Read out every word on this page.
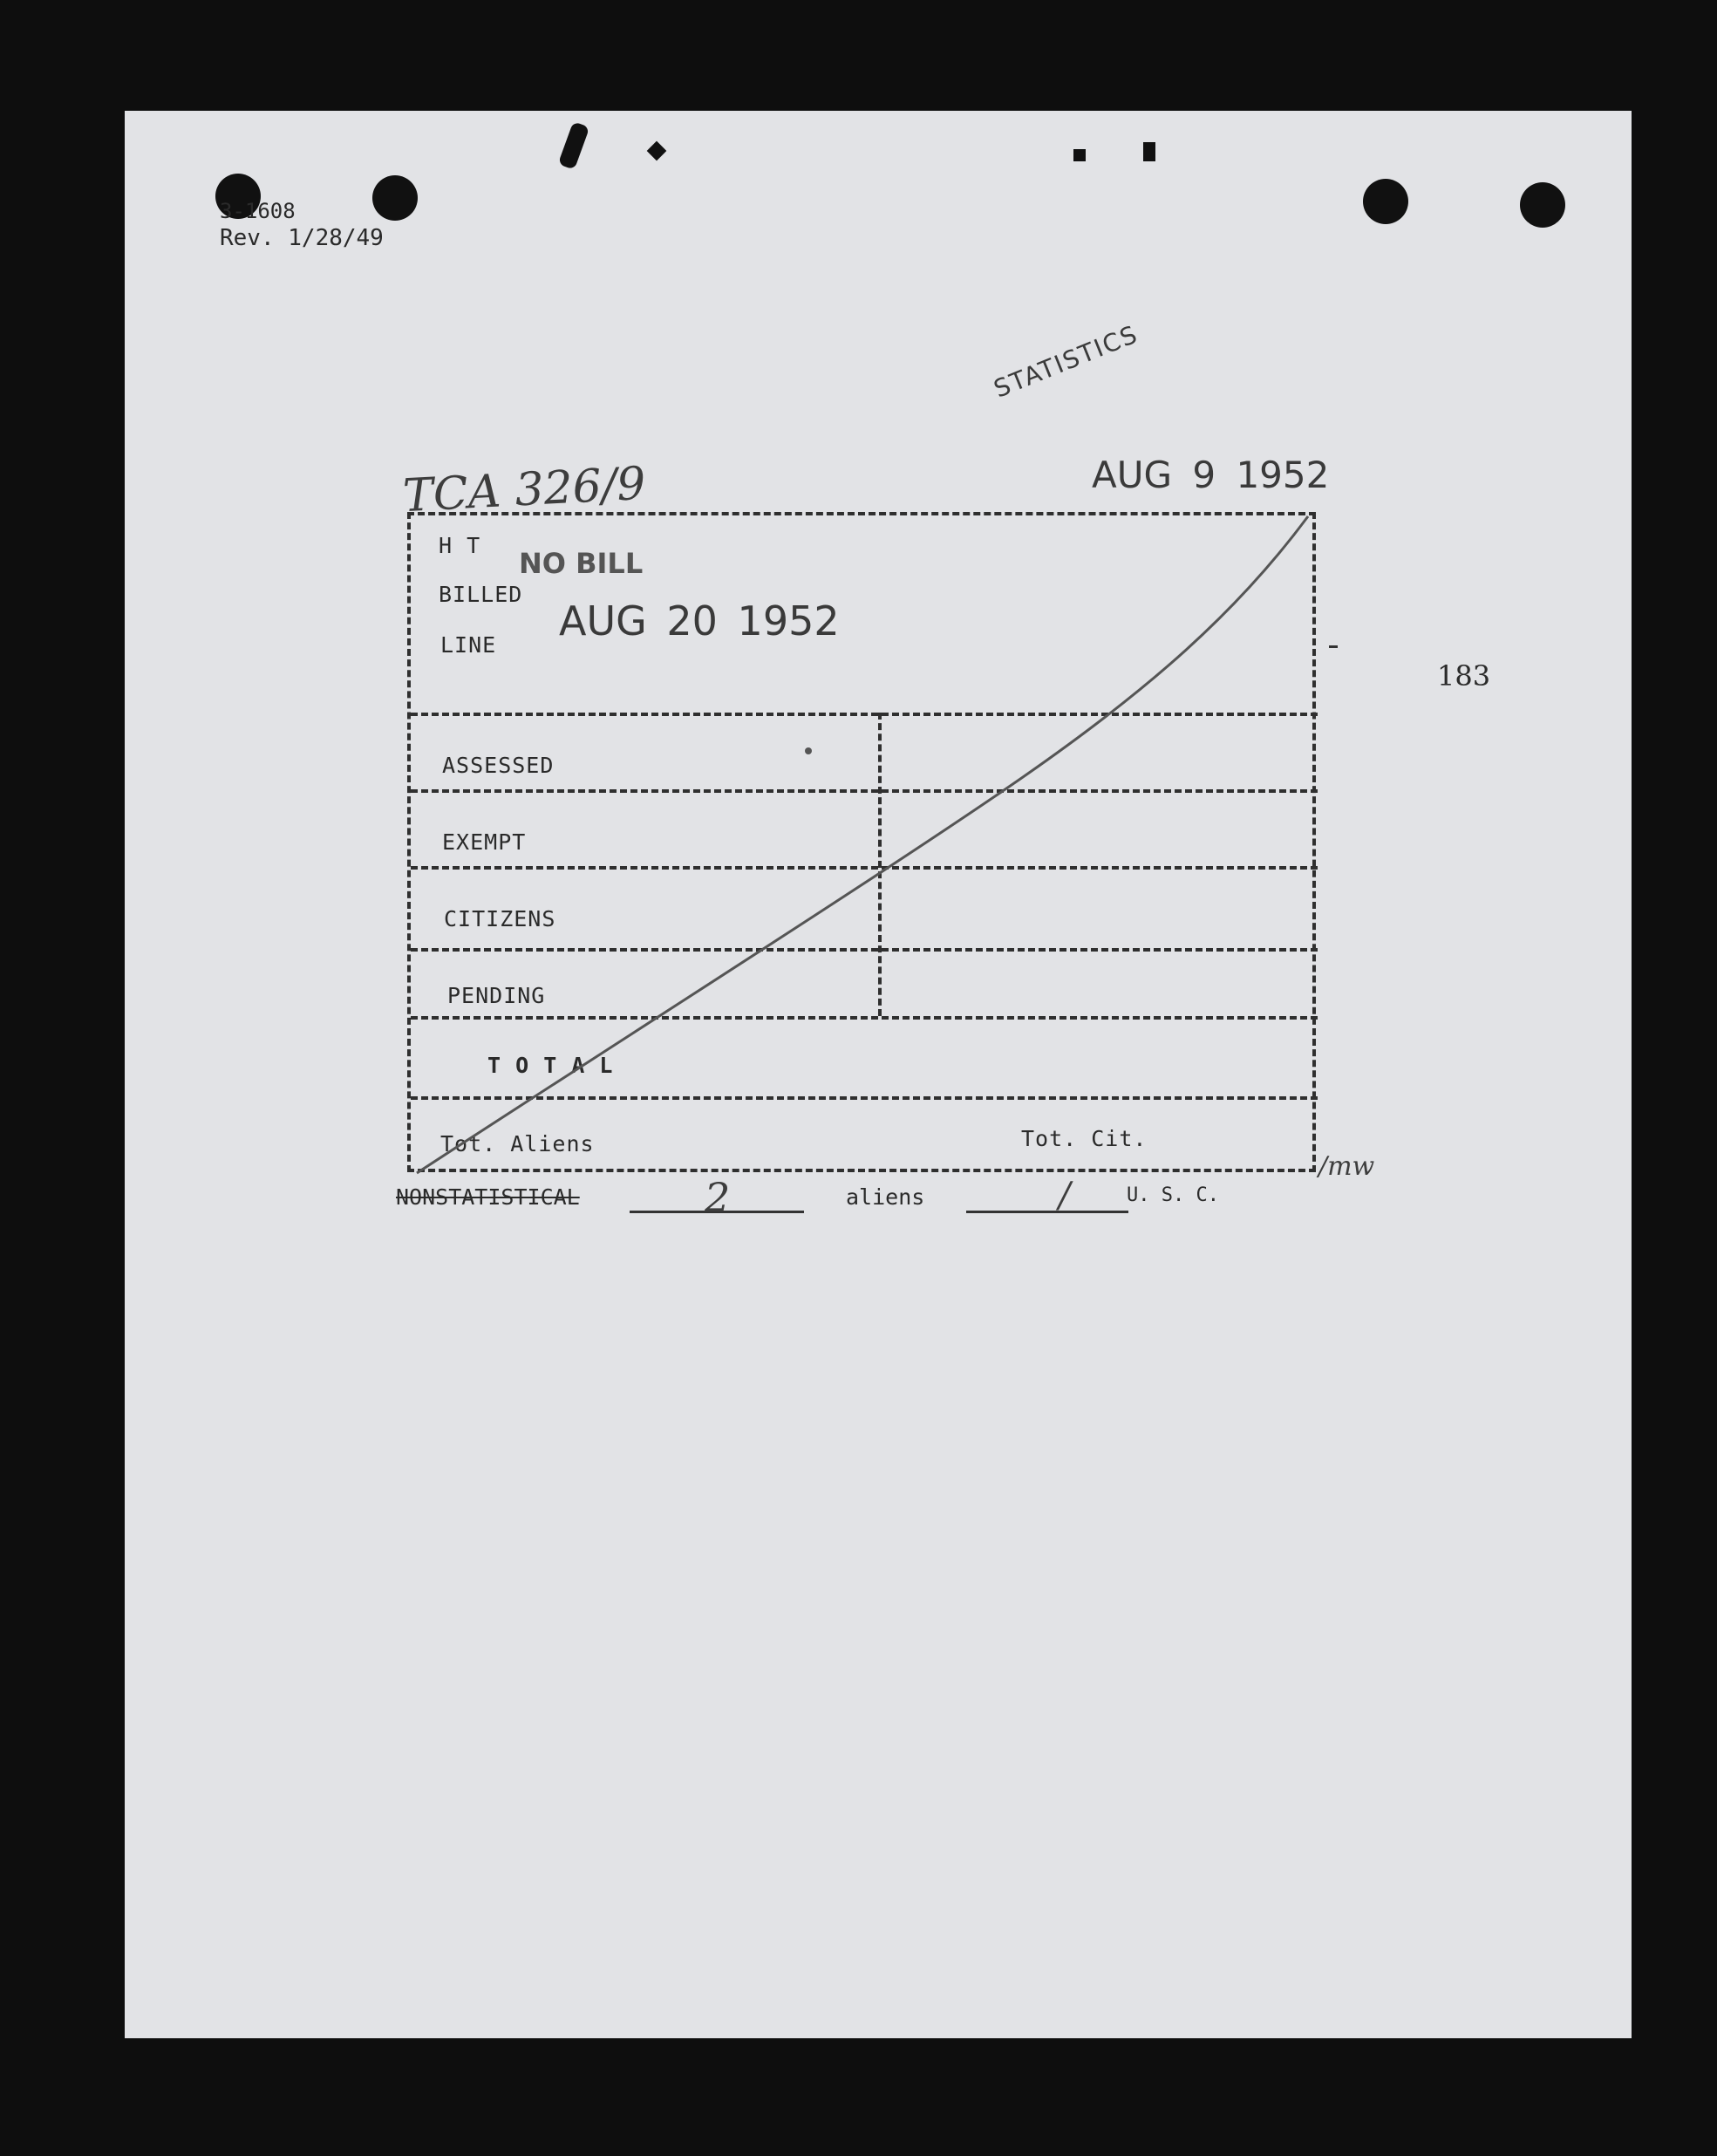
3-1608
Rev. 1/28/49
STATISTICS
TCA 326/9	AUG 9 1952
183
H T
NO BILL
BILLED
LINE
AUG 20 1952
ASSESSED
EXEMPT
CITIZENS
PENDING
T O T A L
Tot. Aliens	Tot. Cit.
/mw
NONSTATISTICAL	2	aliens	/	U. S. C.
